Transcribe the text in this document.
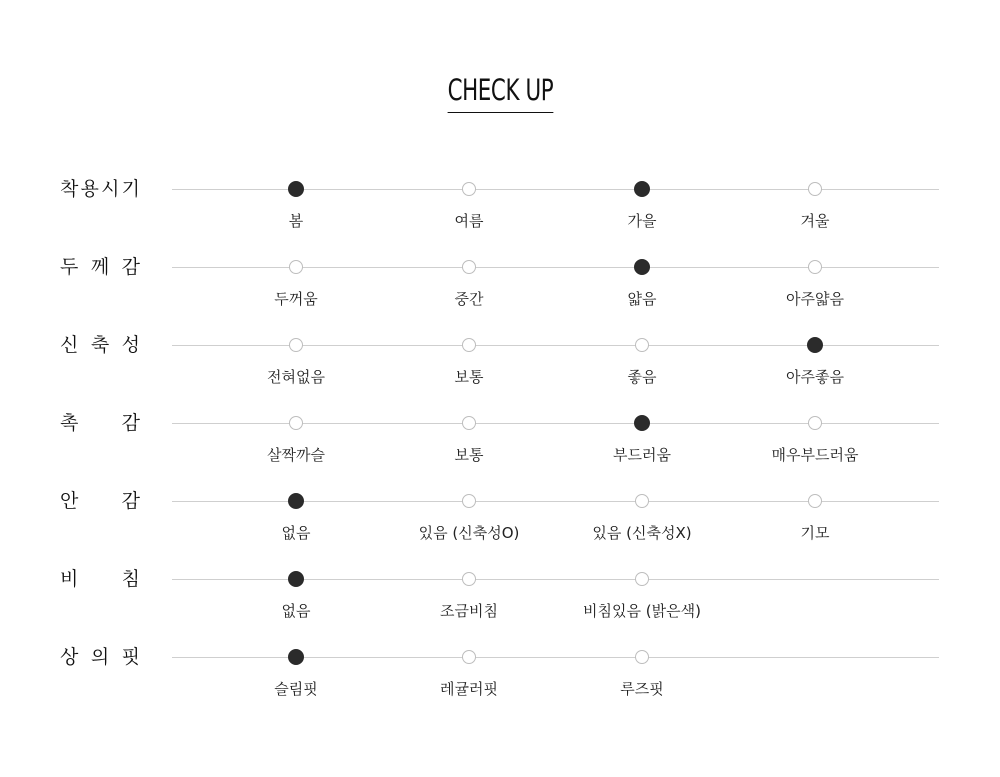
CHECK UP
착 용 시 기
봄	여름	가을	겨울
두 께 감
두꺼움	중간	얇음	아주얇음
신 축 성
전혀없음	보통	좋음	아주좋음
촉 감
살짝까슬	보통	부드러움	매우부드러움
안 감
없음	있음 (신축성O)	있음 (신축성X)	기모
비 침
없음	조금비침	비침있음 (밝은색)
상 의 핏
슬림핏	레귤러핏	루즈핏
